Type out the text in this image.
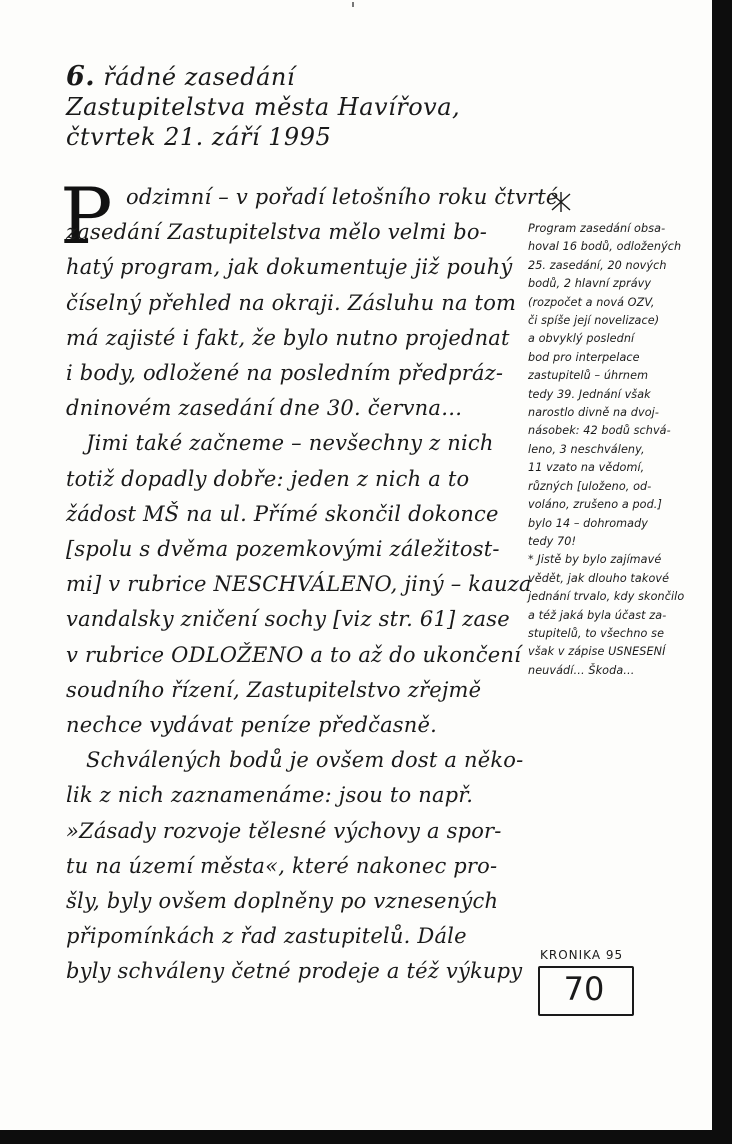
6. řádné zasedání
Zastupitelstva města Havířova,
čtvrtek 21. září 1995
P odzimní – v pořadí letošního roku čtvrté
zasedání Zastupitelstva mělo velmi bo-
hatý program, jak dokumentuje již pouhý
číselný přehled na okraji. Zásluhu na tom
má zajisté i fakt, že bylo nutno projednat
i body, odložené na posledním předpráz-
dninovém zasedání dne 30. června…
Jimi také začneme – nevšechny z nich
totiž dopadly dobře: jeden z nich a to
žádost MŠ na ul. Přímé skončil dokonce
[spolu s dvěma pozemkovými záležitost-
mi] v rubrice NESCHVÁLENO, jiný – kauza
vandalsky zničení sochy [viz str. 61] zase
v rubrice ODLOŽENO a to až do ukončení
soudního řízení, Zastupitelstvo zřejmě
nechce vydávat peníze předčasně.
Schválených bodů je ovšem dost a něko-
lik z nich zaznamenáme: jsou to např.
»Zásady rozvoje tělesné výchovy a spor-
tu na území města«, které nakonec pro-
šly, byly ovšem doplněny po vznesených
připomínkách z řad zastupitelů. Dále
byly schváleny četné prodeje a též výkupy
Program zasedání obsa-
hoval 16 bodů, odložených
25. zasedání, 20 nových
bodů, 2 hlavní zprávy
(rozpočet a nová OZV,
či spíše její novelizace)
a obvyklý poslední
bod pro interpelace
zastupitelů – úhrnem
tedy 39. Jednání však
narostlo divně na dvoj-
násobek: 42 bodů schvá-
leno, 3 neschváleny,
11 vzato na vědomí,
různých [uloženo, od-
voláno, zrušeno a pod.]
bylo 14 – dohromady
tedy 70!
* Jistě by bylo zajímavé
vědět, jak dlouho takové
jednání trvalo, kdy skončilo
a též jaká byla účast za-
stupitelů, to všechno se
však v zápise USNESENÍ
neuvádí… Škoda…
KRONIKA 95
70
